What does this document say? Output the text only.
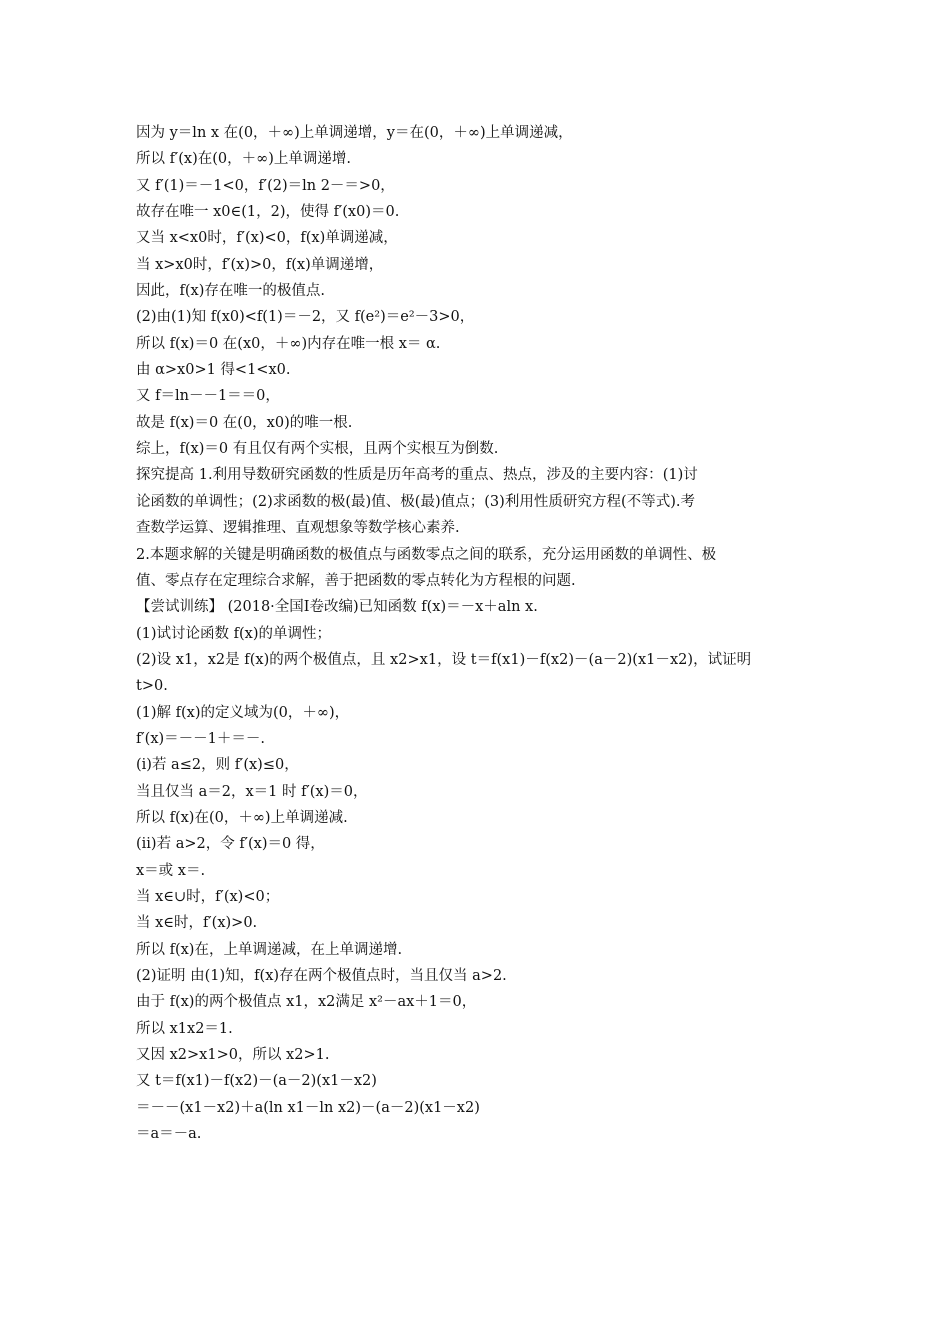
因为 y＝ln x 在(0，＋∞)上单调递增，y＝在(0，＋∞)上单调递减，
所以 f′(x)在(0，＋∞)上单调递增.
又 f′(1)＝－1<0，f′(2)＝ln 2－＝>0，
故存在唯一 x0∈(1，2)，使得 f′(x0)＝0.
又当 x<x0时，f′(x)<0，f(x)单调递减，
当 x>x0时，f′(x)>0，f(x)单调递增，
因此，f(x)存在唯一的极值点.
(2)由(1)知 f(x0)<f(1)＝－2，又 f(e²)＝e²－3>0，
所以 f(x)＝0 在(x0，＋∞)内存在唯一根 x＝ α.
由 α>x0>1 得<1<x0.
又 f＝ln－－1＝＝0，
故是 f(x)＝0 在(0，x0)的唯一根.
综上，f(x)＝0 有且仅有两个实根，且两个实根互为倒数.
探究提高 1.利用导数研究函数的性质是历年高考的重点、热点，涉及的主要内容：(1)讨
论函数的单调性；(2)求函数的极(最)值、极(最)值点；(3)利用性质研究方程(不等式).考
查数学运算、逻辑推理、直观想象等数学核心素养.
2.本题求解的关键是明确函数的极值点与函数零点之间的联系，充分运用函数的单调性、极
值、零点存在定理综合求解，善于把函数的零点转化为方程根的问题.
【尝试训练】 (2018·全国Ⅰ卷改编)已知函数 f(x)＝－x＋aln x.
(1)试讨论函数 f(x)的单调性；
(2)设 x1，x2是 f(x)的两个极值点，且 x2>x1，设 t＝f(x1)－f(x2)－(a－2)(x1－x2)，试证明
t>0.
(1)解 f(x)的定义域为(0，＋∞)，
f′(x)＝－－1＋＝－.
(ⅰ)若 a≤2，则 f′(x)≤0，
当且仅当 a＝2，x＝1 时 f′(x)＝0，
所以 f(x)在(0，＋∞)上单调递减.
(ⅱ)若 a>2，令 f′(x)＝0 得，
x＝或 x＝.
当 x∈∪时，f′(x)<0；
当 x∈时，f′(x)>0.
所以 f(x)在，上单调递减，在上单调递增.
(2)证明 由(1)知，f(x)存在两个极值点时，当且仅当 a>2.
由于 f(x)的两个极值点 x1，x2满足 x²－ax＋1＝0，
所以 x1x2＝1.
又因 x2>x1>0，所以 x2>1.
又 t＝f(x1)－f(x2)－(a－2)(x1－x2)
＝－－(x1－x2)＋a(ln x1－ln x2)－(a－2)(x1－x2)
＝a＝－a.
